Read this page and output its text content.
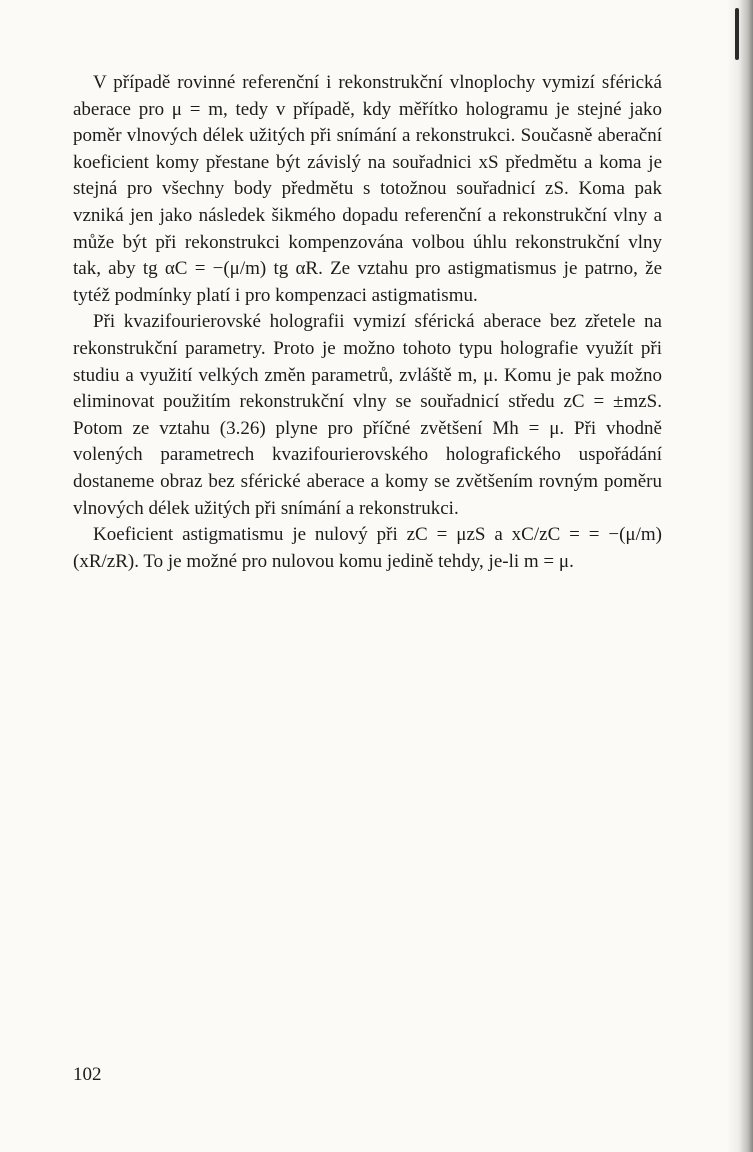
V případě rovinné referenční i rekonstrukční vlnoplochy vymizí sférická aberace pro μ = m, tedy v případě, kdy měřítko hologramu je stejné jako poměr vlnových délek užitých při snímání a rekonstrukci. Současně aberační koeficient komy přestane být závislý na souřadnici xS předmětu a koma je stejná pro všechny body předmětu s totožnou souřadnicí zS. Koma pak vzniká jen jako následek šikmého dopadu referenční a rekonstrukční vlny a může být při rekonstrukci kompenzována volbou úhlu rekonstrukční vlny tak, aby tg αC = −(μ/m) tg αR. Ze vztahu pro astigmatismus je patrno, že tytéž podmínky platí i pro kompenzaci astigmatismu.

Při kvazifourierovské holografii vymizí sférická aberace bez zřetele na rekonstrukční parametry. Proto je možno tohoto typu holografie využít při studiu a využití velkých změn parametrů, zvláště m, μ. Komu je pak možno eliminovat použitím rekonstrukční vlny se souřadnicí středu zC = ±mzS. Potom ze vztahu (3.26) plyne pro příčné zvětšení Mh = μ. Při vhodně volených parametrech kvazifourierovského holografického uspořádání dostaneme obraz bez sférické aberace a komy se zvětšením rovným poměru vlnových délek užitých při snímání a rekonstrukci.

Koeficient astigmatismu je nulový při zC = μzS a xC/zC = = −(μ/m) (xR/zR). To je možné pro nulovou komu jedině tehdy, je-li m = μ.

102
